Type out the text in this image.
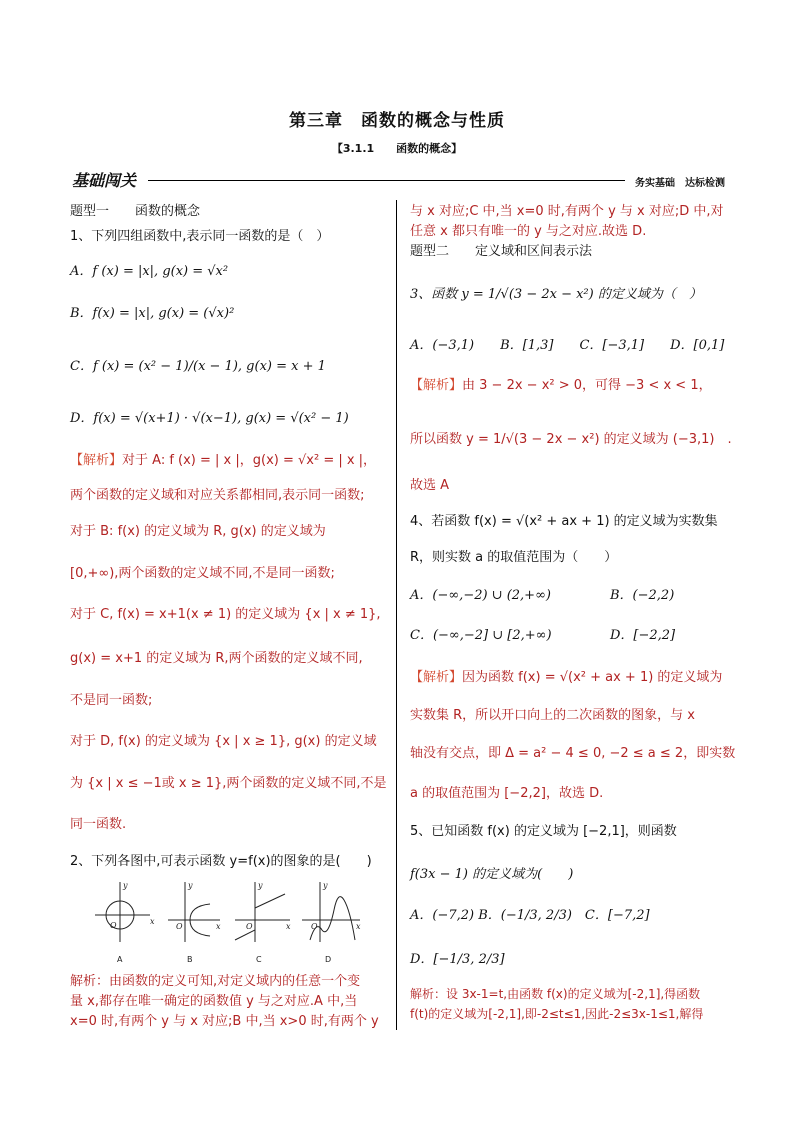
第三章　函数的概念与性质
【3.1.1　　函数的概念】
基础闯关	务实基础　达标检测
题型一　　函数的概念
1、下列四组函数中,表示同一函数的是（　）
A．f (x) = |x|, g(x) = √x²
B．f(x) = |x|, g(x) = (√x)²
C．f (x) = (x² − 1)/(x − 1), g(x) = x + 1
D．f(x) = √(x+1) · √(x−1), g(x) = √(x² − 1)
【解析】对于 A: f (x) = | x |，g(x) = √x² = | x |，
两个函数的定义域和对应关系都相同,表示同一函数;
对于 B: f(x) 的定义域为 R, g(x) 的定义域为
[0,+∞),两个函数的定义域不同,不是同一函数;
对于 C, f(x) = x+1(x ≠ 1) 的定义域为 {x | x ≠ 1},
g(x) = x+1 的定义域为 R,两个函数的定义域不同,
不是同一函数;
对于 D, f(x) 的定义域为 {x | x ≥ 1}, g(x) 的定义域
为 {x | x ≤ −1或 x ≥ 1},两个函数的定义域不同,不是
同一函数.
2、下列各图中,可表示函数 y=f(x)的图象的是(　　)
y
x
O
y
x
O
y
x
O
y
x
O
A	B	C	D
解析：由函数的定义可知,对定义域内的任意一个变
量 x,都存在唯一确定的函数值 y 与之对应.A 中,当
x=0 时,有两个 y 与 x 对应;B 中,当 x>0 时,有两个 y
与 x 对应;C 中,当 x=0 时,有两个 y 与 x 对应;D 中,对
任意 x 都只有唯一的 y 与之对应.故选 D.
题型二　　定义域和区间表示法
3、函数 y = 1/√(3 − 2x − x²) 的定义域为（　）
A．(−3,1)　　B．[1,3]　　C．[−3,1]　　D．[0,1]
【解析】由 3 − 2x − x² > 0，可得 −3 < x < 1，
所以函数 y = 1/√(3 − 2x − x²) 的定义域为 (−3,1)　.
故选 A
4、若函数 f(x) = √(x² + ax + 1) 的定义域为实数集
R，则实数 a 的取值范围为（　　）
A．(−∞,−2) ∪ (2,+∞)	B．(−2,2)
C．(−∞,−2] ∪ [2,+∞)	D．[−2,2]
【解析】因为函数 f(x) = √(x² + ax + 1) 的定义域为
实数集 R，所以开口向上的二次函数的图象，与 x
轴没有交点，即 Δ = a² − 4 ≤ 0, −2 ≤ a ≤ 2，即实数
a 的取值范围为 [−2,2]，故选 D.
5、已知函数 f(x) 的定义域为 [−2,1]，则函数
f(3x − 1) 的定义域为(　　)
A．(−7,2) B．(−1/3, 2/3)　C．[−7,2]
D．[−1/3, 2/3]
解析：设 3x-1=t,由函数 f(x)的定义域为[-2,1],得函数
f(t)的定义域为[-2,1],即-2≤t≤1,因此-2≤3x-1≤1,解得
